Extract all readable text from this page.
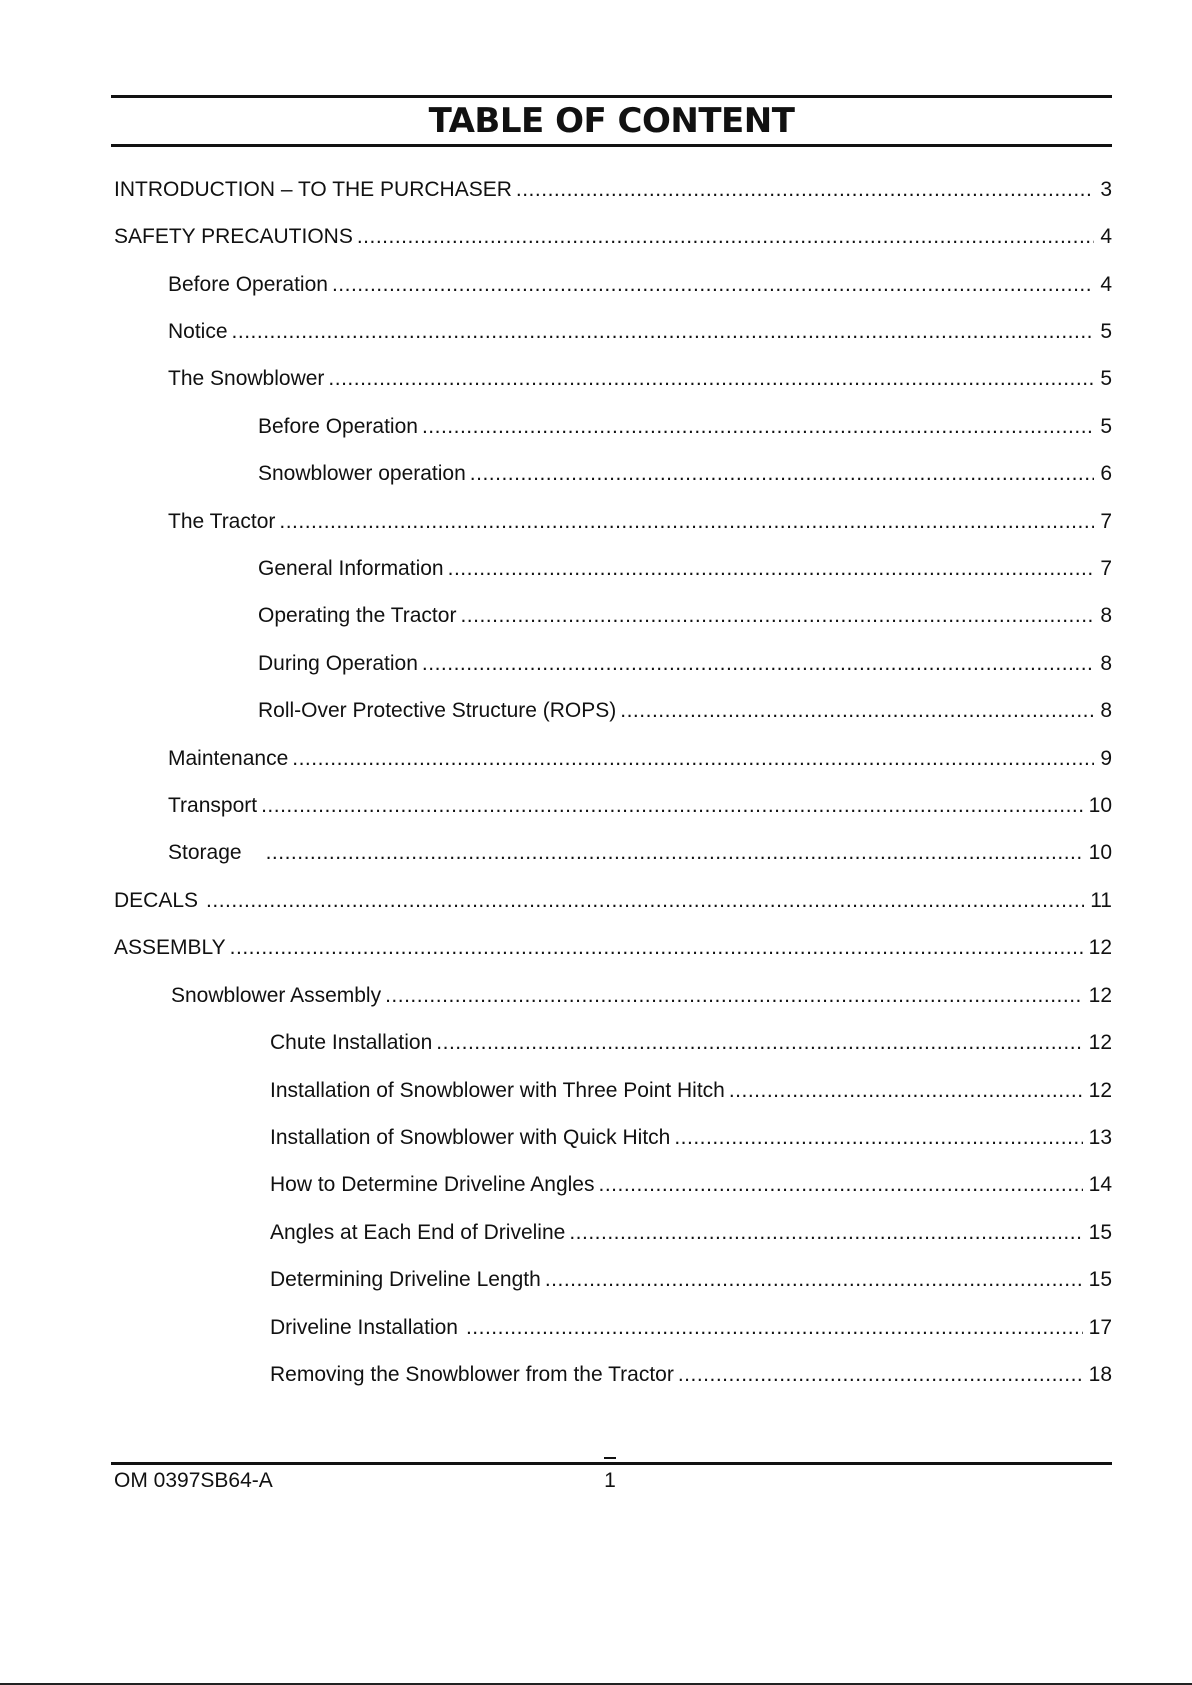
TABLE OF CONTENT
INTRODUCTION – TO THE PURCHASER .....	3
SAFETY PRECAUTIONS .....	4
Before Operation .....	4
Notice .....	5
The Snowblower .....	5
Before Operation .....	5
Snowblower operation .....	6
The Tractor .....	7
General Information .....	7
Operating the Tractor .....	8
During Operation .....	8
Roll-Over Protective Structure (ROPS) .....	8
Maintenance .....	9
Transport .....	10
Storage .....	10
DECALS .....	11
ASSEMBLY .....	12
Snowblower Assembly .....	12
Chute Installation .....	12
Installation of Snowblower with Three Point Hitch .....	12
Installation of Snowblower with Quick Hitch .....	13
How to Determine Driveline Angles .....	14
Angles at Each End of Driveline .....	15
Determining Driveline Length .....	15
Driveline Installation .....	17
Removing the Snowblower from the Tractor .....	18
OM 0397SB64-A	1
